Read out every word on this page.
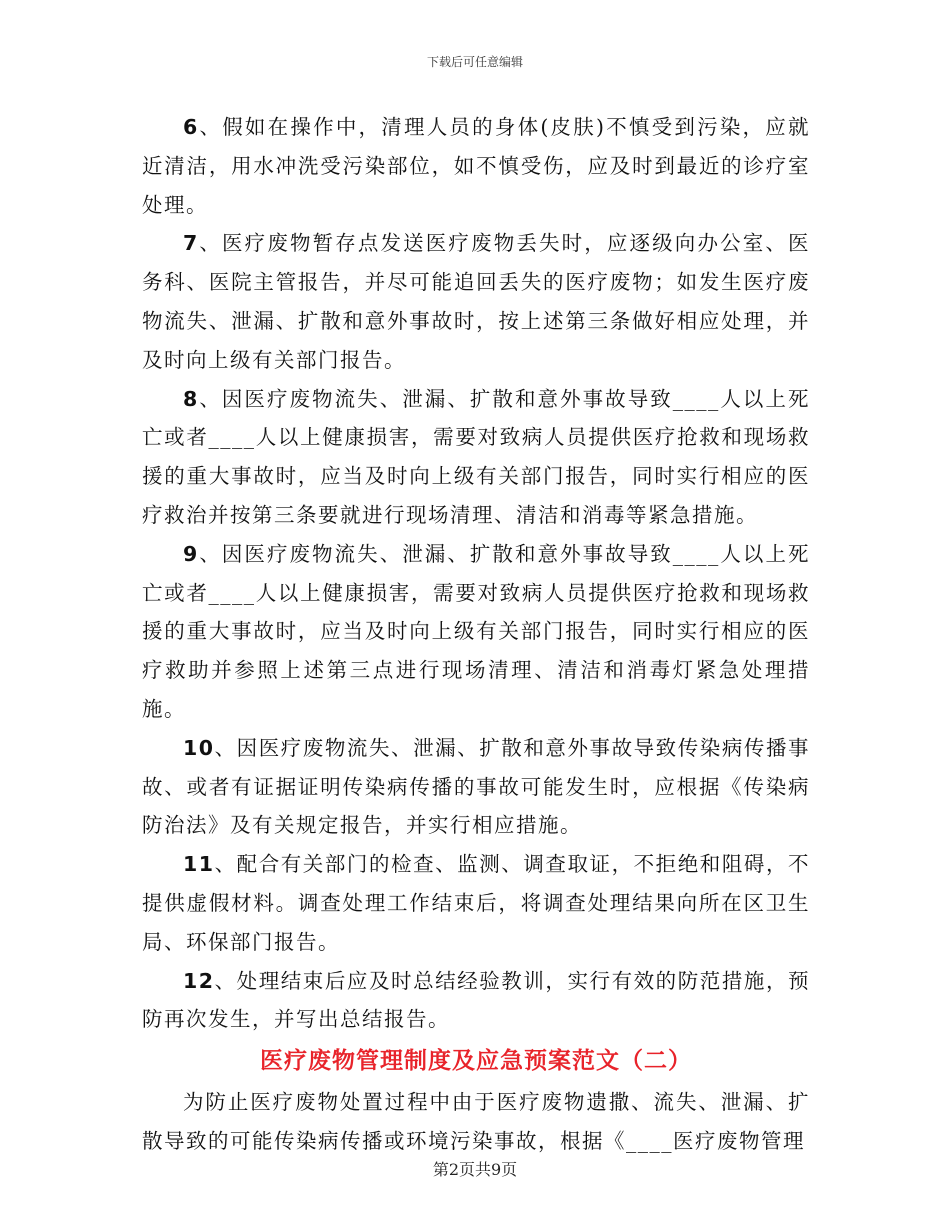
下载后可任意编辑

6、假如在操作中，清理人员的身体(皮肤)不慎受到污染，应就近清洁，用水冲洗受污染部位，如不慎受伤，应及时到最近的诊疗室处理。

7、医疗废物暂存点发送医疗废物丢失时，应逐级向办公室、医务科、医院主管报告，并尽可能追回丢失的医疗废物；如发生医疗废物流失、泄漏、扩散和意外事故时，按上述第三条做好相应处理，并及时向上级有关部门报告。

8、因医疗废物流失、泄漏、扩散和意外事故导致____人以上死亡或者____人以上健康损害，需要对致病人员提供医疗抢救和现场救援的重大事故时，应当及时向上级有关部门报告，同时实行相应的医疗救治并按第三条要就进行现场清理、清洁和消毒等紧急措施。

9、因医疗废物流失、泄漏、扩散和意外事故导致____人以上死亡或者____人以上健康损害，需要对致病人员提供医疗抢救和现场救援的重大事故时，应当及时向上级有关部门报告，同时实行相应的医疗救助并参照上述第三点进行现场清理、清洁和消毒灯紧急处理措施。

10、因医疗废物流失、泄漏、扩散和意外事故导致传染病传播事故、或者有证据证明传染病传播的事故可能发生时，应根据《传染病防治法》及有关规定报告，并实行相应措施。

11、配合有关部门的检查、监测、调查取证，不拒绝和阻碍，不提供虚假材料。调查处理工作结束后，将调查处理结果向所在区卫生局、环保部门报告。

12、处理结束后应及时总结经验教训，实行有效的防范措施，预防再次发生，并写出总结报告。

医疗废物管理制度及应急预案范文（二）

为防止医疗废物处置过程中由于医疗废物遗撒、流失、泄漏、扩散导致的可能传染病传播或环境污染事故，根据《____医疗废物管理

第2页共9页
